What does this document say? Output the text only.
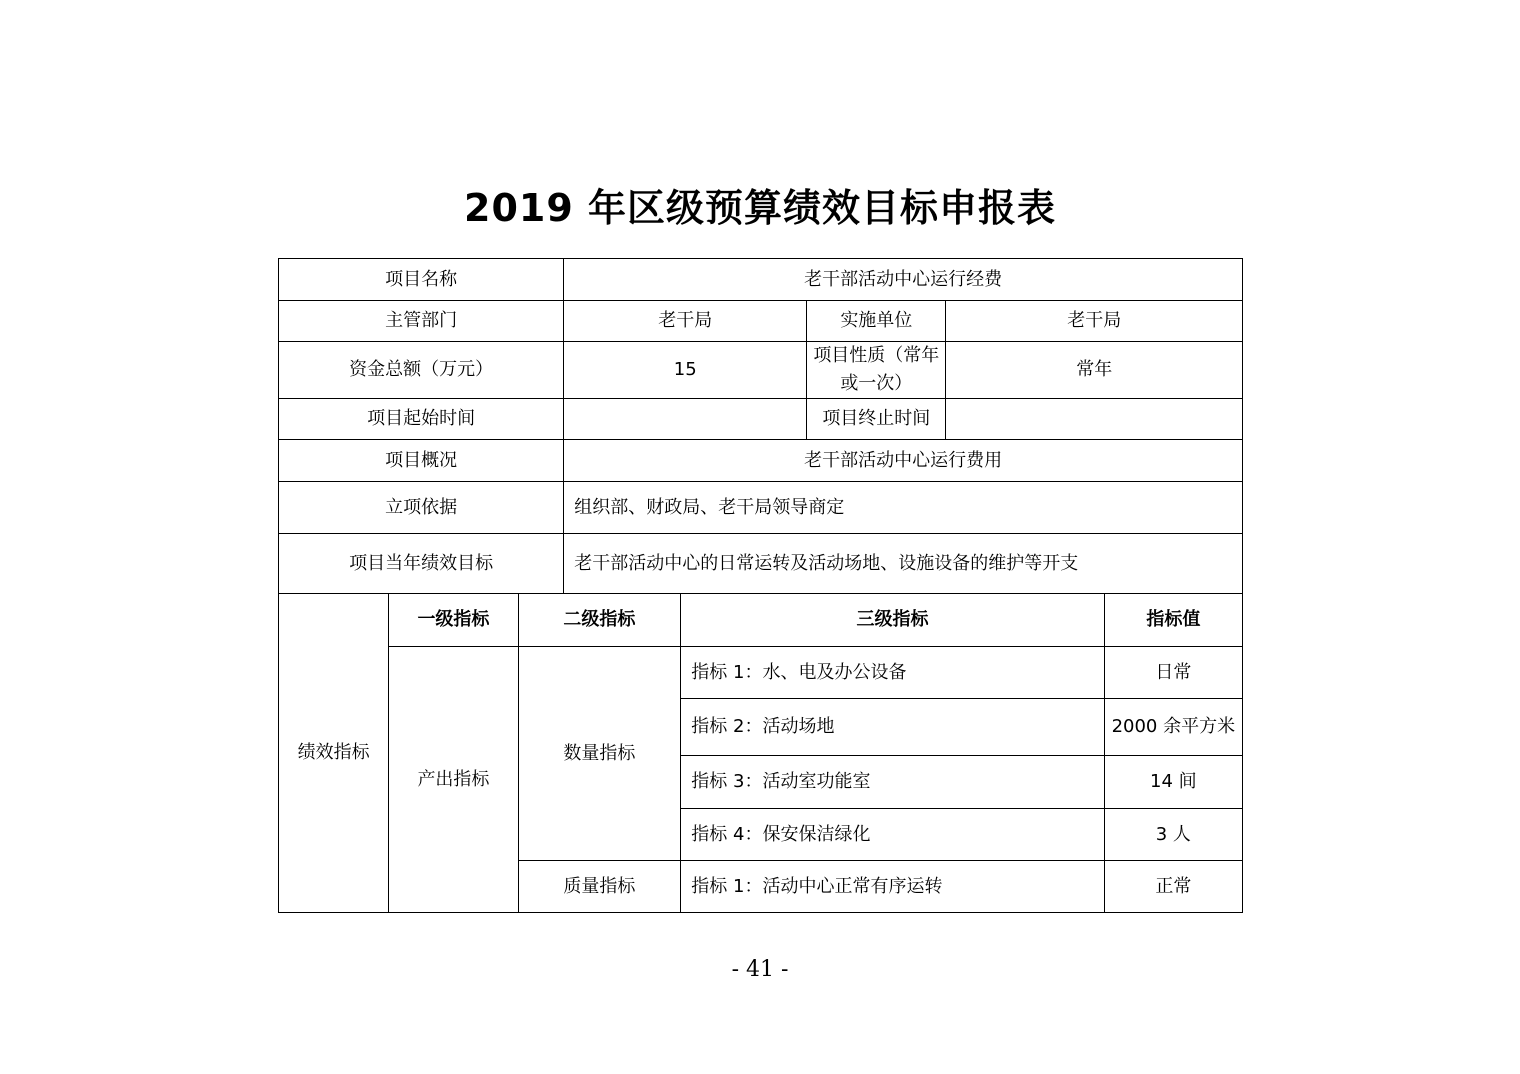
2019 年区级预算绩效目标申报表
项目名称			老干部活动中心运行经费				
主管部门			老干局		实施单位	老干局	
资金总额（万元）			15		项目性质（常年或一次）	常年	
项目起始时间					项目终止时间		
项目概况			老干部活动中心运行费用				
立项依据			组织部、财政局、老干局领导商定				
项目当年绩效目标			老干部活动中心的日常运转及活动场地、设施设备的维护等开支				
绩效指标	一级指标	二级指标		三级指标			指标值
	产出指标	数量指标		指标 1：水、电及办公设备			日常
				指标 2：活动场地			2000 余平方米
				指标 3：活动室功能室			14 间
				指标 4：保安保洁绿化			3 人
		质量指标		指标 1：活动中心正常有序运转			正常
- 41 -
